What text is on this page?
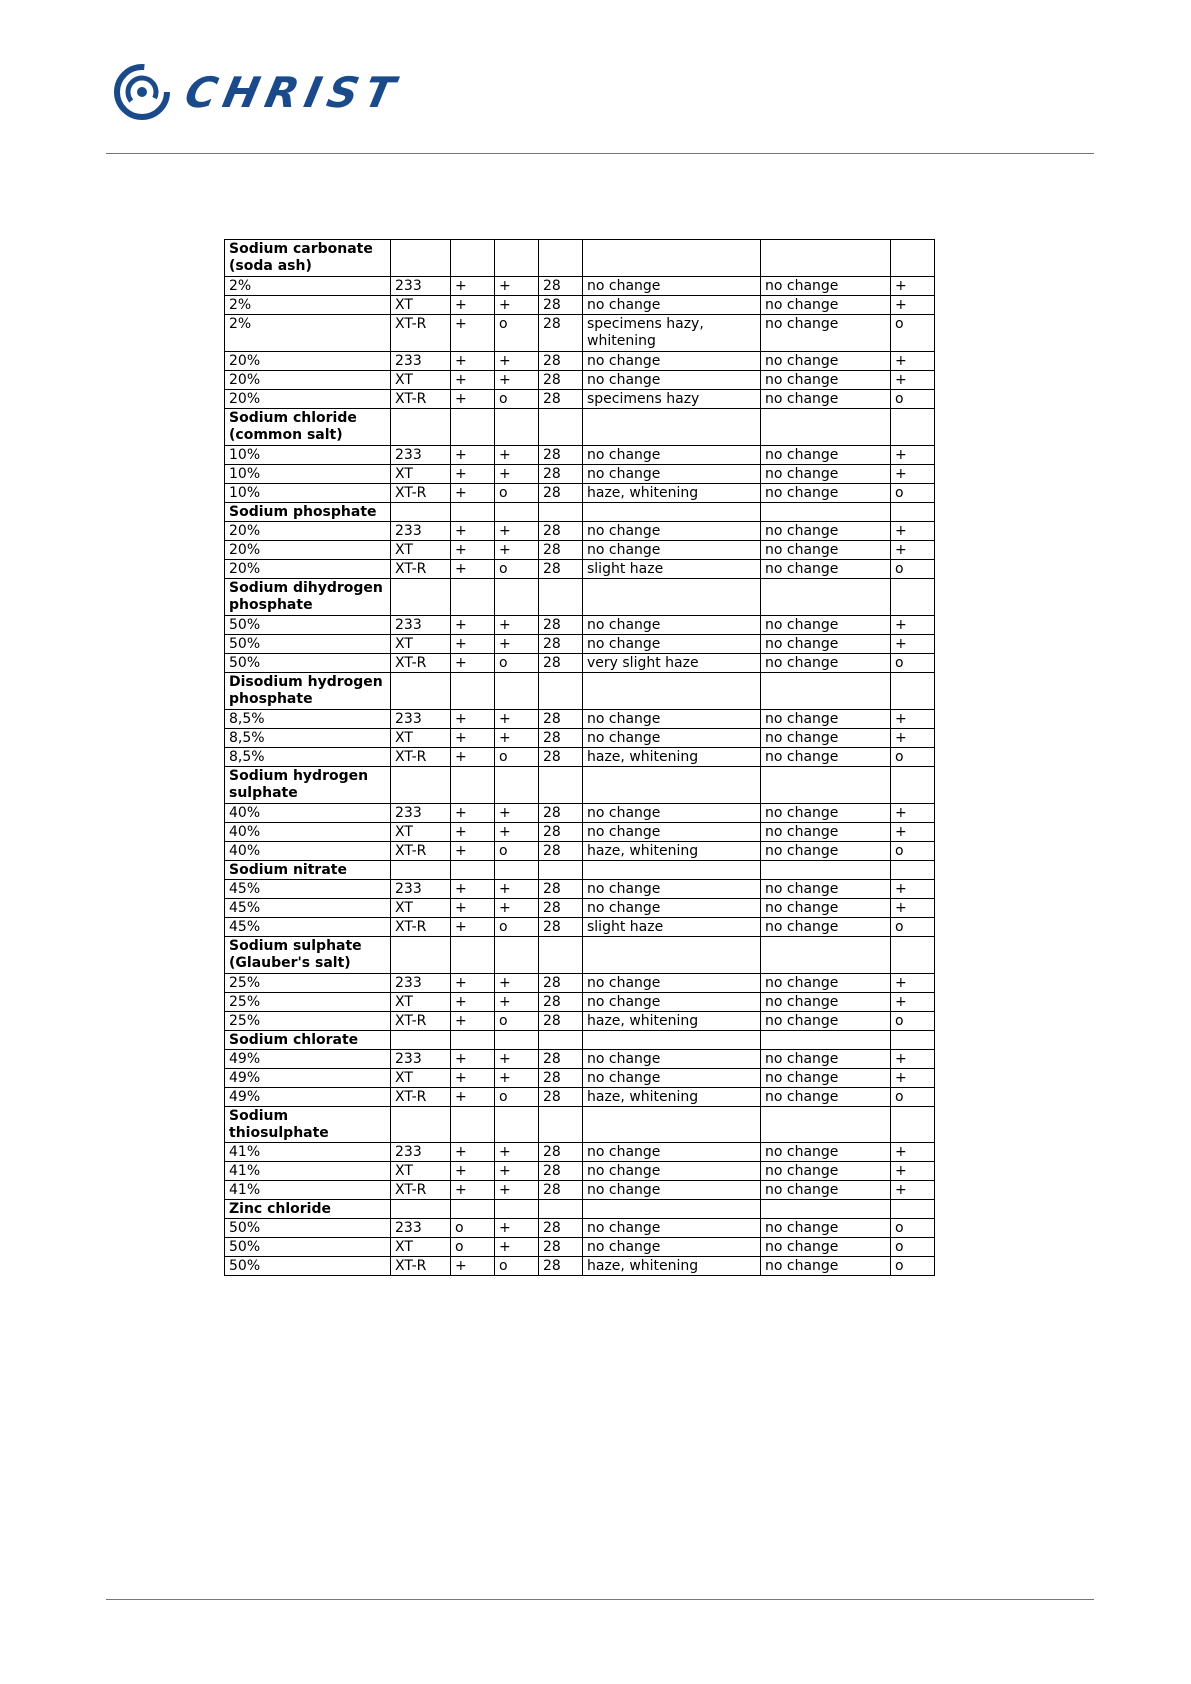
CHRIST
Sodium carbonate (soda ash)							
2%	233	+	+	28	no change	no change	+
2%	XT	+	+	28	no change	no change	+
2%	XT-R	+	o	28	specimens hazy, whitening	no change	o
20%	233	+	+	28	no change	no change	+
20%	XT	+	+	28	no change	no change	+
20%	XT-R	+	o	28	specimens hazy	no change	o
Sodium chloride (common salt)							
10%	233	+	+	28	no change	no change	+
10%	XT	+	+	28	no change	no change	+
10%	XT-R	+	o	28	haze, whitening	no change	o
Sodium phosphate							
20%	233	+	+	28	no change	no change	+
20%	XT	+	+	28	no change	no change	+
20%	XT-R	+	o	28	slight haze	no change	o
Sodium dihydrogen phosphate							
50%	233	+	+	28	no change	no change	+
50%	XT	+	+	28	no change	no change	+
50%	XT-R	+	o	28	very slight haze	no change	o
Disodium hydrogen phosphate							
8,5%	233	+	+	28	no change	no change	+
8,5%	XT	+	+	28	no change	no change	+
8,5%	XT-R	+	o	28	haze, whitening	no change	o
Sodium hydrogen sulphate							
40%	233	+	+	28	no change	no change	+
40%	XT	+	+	28	no change	no change	+
40%	XT-R	+	o	28	haze, whitening	no change	o
Sodium nitrate							
45%	233	+	+	28	no change	no change	+
45%	XT	+	+	28	no change	no change	+
45%	XT-R	+	o	28	slight haze	no change	o
Sodium sulphate (Glauber's salt)							
25%	233	+	+	28	no change	no change	+
25%	XT	+	+	28	no change	no change	+
25%	XT-R	+	o	28	haze, whitening	no change	o
Sodium chlorate							
49%	233	+	+	28	no change	no change	+
49%	XT	+	+	28	no change	no change	+
49%	XT-R	+	o	28	haze, whitening	no change	o
Sodium thiosulphate							
41%	233	+	+	28	no change	no change	+
41%	XT	+	+	28	no change	no change	+
41%	XT-R	+	+	28	no change	no change	+
Zinc chloride							
50%	233	o	+	28	no change	no change	o
50%	XT	o	+	28	no change	no change	o
50%	XT-R	+	o	28	haze, whitening	no change	o
